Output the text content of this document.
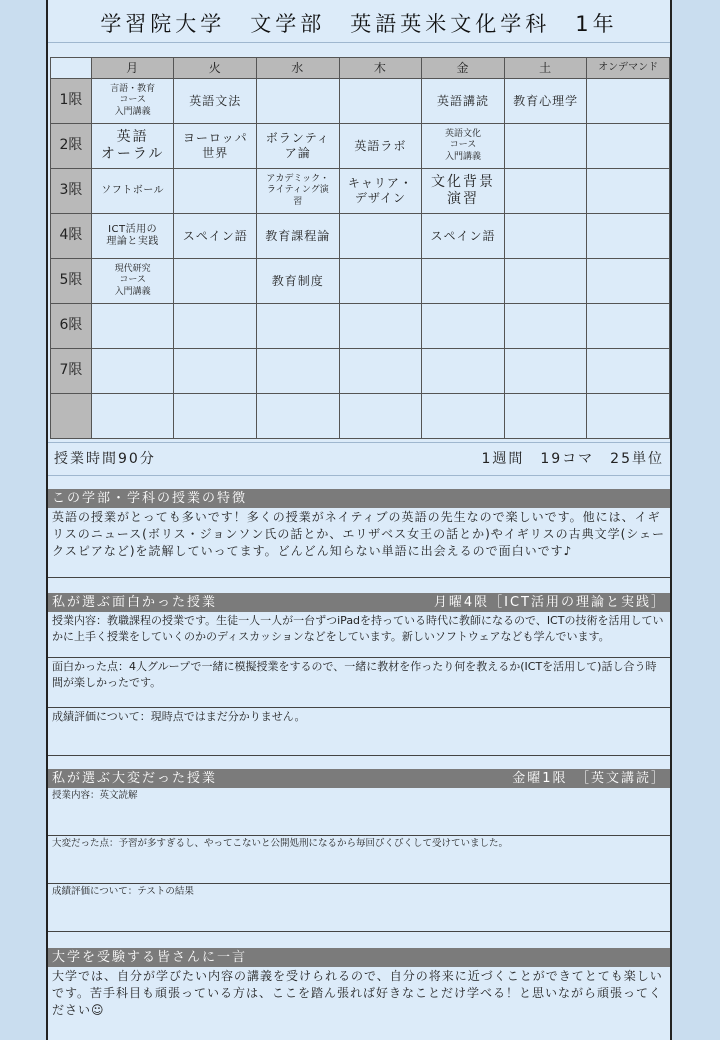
学習院大学　文学部　英語英米文化学科　1年
	月	火	水	木	金	土	オンデマンド
1限	言語・教育
コース
入門講義	英語文法			英語講読	教育心理学	
2限	英語
オーラル	ヨーロッパ
世界	ボランティ
ア論	英語ラボ	英語文化
コース
入門講義		
3限	ソフトボール		アカデミック・
ライティング演
習	キャリア・
デザイン	文化背景
演習		
4限	ICT活用の
理論と実践	スペイン語	教育課程論		スペイン語		
5限	現代研究
コース
入門講義		教育制度				
6限							
7限							

授業時間90分	1週間　19コマ　25単位
この学部・学科の授業の特徴
英語の授業がとっても多いです！多くの授業がネイティブの英語の先生なので楽しいです。他には、イギリスのニュース(ボリス・ジョンソン氏の話とか、エリザベス女王の話とか)やイギリスの古典文学(シェークスピアなど)を読解していってます。どんどん知らない単語に出会えるので面白いです♪
私が選ぶ面白かった授業	月曜4限［ICT活用の理論と実践］
授業内容：教職課程の授業です。生徒一人一人が一台ずつiPadを持っている時代に教師になるので、ICTの技術を活用していかに上手く授業をしていくのかのディスカッションなどをしています。新しいソフトウェアなども学んでいます。
面白かった点：4人グループで一緒に模擬授業をするので、一緒に教材を作ったり何を教えるか(ICTを活用して)話し合う時間が楽しかったです。
成績評価について：現時点ではまだ分かりません。
私が選ぶ大変だった授業	金曜1限　［英文講読］
授業内容：英文読解
大変だった点：予習が多すぎるし、やってこないと公開処刑になるから毎回びくびくして受けていました。
成績評価について：テストの結果
大学を受験する皆さんに一言
大学では、自分が学びたい内容の講義を受けられるので、自分の将来に近づくことができてとても楽しいです。苦手科目も頑張っている方は、ここを踏ん張れば好きなことだけ学べる！と思いながら頑張ってください☺
